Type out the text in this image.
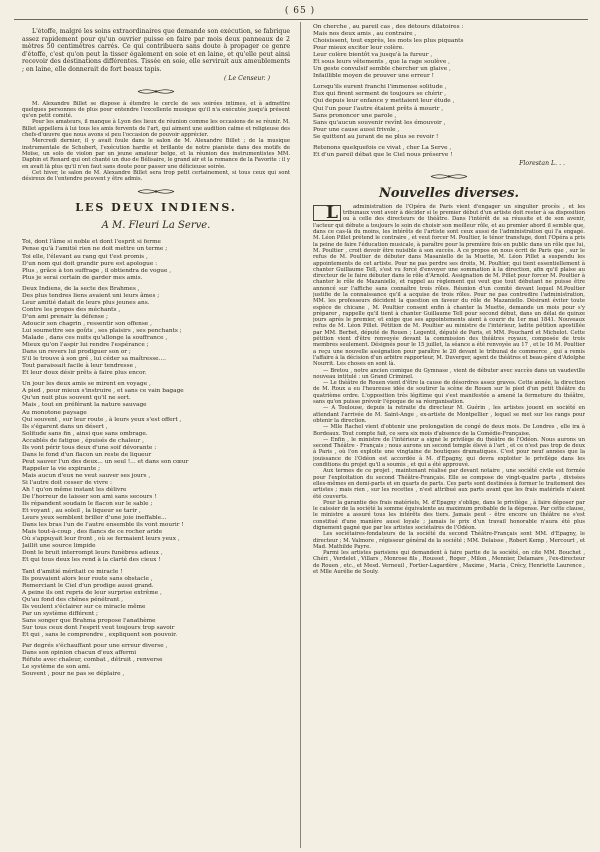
( 65 )

L'étoffe, malgré les soins extraordinaires que demande son exécution, se fabrique assez rapidement pour qu'un ouvrier puisse en faire par mois deux panneaux de 2 mètres 50 centimètres carrés. Ce qui contribuera sans doute à propager ce genre d'étoffe, c'est qu'on peut la tisser également en soie et en laine, et qu'elle peut ainsi recevoir des destinations différentes. Tissée en soie, elle servirait aux ameublements ; en laine, elle donnerait de fort beaux tapis.

( Le Censeur. )

M. Alexandre Billet se dispose à étendre le cercle de ses soirées intimes, et à admettre quelques personnes de plus pour entendre l'excellente musique qu'il n'a exécutée jusqu'à présent qu'en petit comité.

Pour les amateurs, il manque à Lyon des lieux de réunion comme les occasions de se réunir. M. Billet appellera à lui tous les amis fervents de l'art, qui aiment une audition calme et religieuse des chefs-d'œuvre que nous avons si peu l'occasion de pouvoir apprécier.

Mercredi dernier, il y avait foule dans le salon de M. Alexandre Billet ; de la musique instrumentale de Schubert, l'exécution hardie et brillante de notre pianiste dans des motifs de Moïse, un solo de violon par un jeune amateur belge, et la réunion des instrumentistes MM. Daphin et Renard qui ont chanté un duo de Bélisaire, le grand air et la romance de la Favorite : il y en avait là plus qu'il n'en faut sans doute pour passer une délicieuse soirée.

Cet hiver, le salon de M. Alexandre Billet sera trop petit certainement, si tous ceux qui sont désireux de l'entendre peuvent y être admis.

LES DEUX INDIENS.
A M. Fleuri La Serve.
Toi, dont l'âme si noble et dont l'esprit si ferme
Pense qu'à l'amitié rien ne doit mettre un terme ;
Toi elle, l'élevant au rang qui t'est promis ,
D'un nom qui doit grandir pure est apologue :
Plus , grâce à ton suffrage , il obtiendra de vogue ,
Plus je serai certain de garder mes amis.
Deux Indiens, de la secte des Brahmes ,
Des plus tendres liens avaient uni leurs âmes ;
Leur amitié datait de leurs plus jeunes ans.
Contre les propos des méchants ,
D'un ami prenaiт la défense ;
Adoucir son chagrin , ressentir son offense ,
Lui soumettre ses goûts , ses plaisirs , ses penchants ;
Malade , dans ces nuits qu'allonge la souffrance ,
Mieux qu'on l'aspir lui rendre l'espérance ;
Dans un revers lui prodiguer son or ;
S'il le trouve à son gré , lui céder sa maîtresse....
Tout paraissait facile à leur tendresse ,
Et leur doux désir prêts à faire plus encor.
Un jour les deux amis se mirent en voyage ,
A pied , pour mieux s'instruire , et sans ce vain bagage
Qu'un nuit plus souvent qu'il ne sert.
Mais , tout en préférant la nature sauvage
Au monotone paysage
Qui souvent , sur leur route , à leurs yeux s'est offert ,
Ils s'égarent dans un désert ,
Solitude sans fin , ainsi que sans ombrage.
Accablés de fatigue , épuisés de chaleur ,
Ils vont périr tous deux d'une soif dévorante :
Dans le fond d'un flacon un reste de liqueur
Peut sauver l'un des deux... un seul !... et dans son cœur
Rappeler la vie expirante ;
Mais aucun d'eux ne veut sauver ses jours ,
Si l'autre doit cesser de vivre :
Ah ! qu'on même instant les délivre
De l'horreur de laisser son ami sans secours !
Ils répandent soudain le flacon sur le sable ;
Et voyant , au soleil , la liqueur se tarir ,
Leurs yeux semblent briller d'une joie ineffable...
Dans les bras l'un de l'autre ensemble ils vont mourir !
Mais tout-à-coup , des flancs de ce rocher aride
Où s'appuyait leur front , où se fermaient leurs yeux ,
Jaillit une source limpide
Dont le bruit interrompt leurs funèbres adieux ,
Et qui tous deux les rend à la clarté des cieux !
Tant d'amitié méritait ce miracle !
Ils pouvaient alors leur route sans obstacle ,
Remerciant le Ciel d'un prodige aussi grand.
A peine ils ont repris de leur surprise extrême ,
Qu'au fond des chênes pénétrant ,
Ils veulent s'éclairer sur ce miracle même
Par un système différent ;
Sans songer que Brahma propose l'anathème
Sur tous ceux dont l'esprit veut toujours trop savoir
Et qui , sans le comprendre , expliquent son pouvoir.
Par degrés s'échauffant pour une erreur diverse ,
Dans son opinion chacun d'eux affermi
Réfute avec chaleur, combat , détruit , renverse
Le système de son ami.
Souvent , pour ne pas se déplaire ,
On cherche , au pareil cas , des détours dilatoires :
Mais nos deux amis , au contraire ,
Choisissent, tout exprès, les mots les plus piquants
Pour mieux exciter leur colère.
Leur colère bientôt va jusqu'à la fureur ,
Et sous leurs vêtements , que la rage soulève ,
Un geste convulsif semble chercher un glaive ,
Infaillible moyen de prouver une erreur !
Lorsqu'ils eurent franchi l'immense solitude ,
Eux qui firent serment de toujours se chérir ,
Qui depuis leur enfance y mettaient leur étude ,
Qui l'un pour l'autre étaient prêts à mourir ,
Sans prononcer une parole ,
Sans qu'aucun souvenir revînt les émouvoir ,
Pour une cause aussi frivole ,
Se quittent au jurant de ne plus se revoir !
Retenons quelquefois ce vivat , cher La Serve ,
Et d'un pareil débat que le Ciel nous préserve !
Florestan L. . .
Nouvelles diverses.

L	administration de l'Opéra de Paris vient d'engager un singulier procès , et les tribunaux vont avoir à décider si le premier début d'un artiste doit rester à sa disposition ou à celle des directeurs de théâtre. Dans l'intérêt de sa réussite et de son avenir, l'acteur qui débute a toujours le soin de choisir son meilleur rôle, et au premier abord il semble que, dans ce cas-là du moins, les intérêts de l'artiste sont ceux aussi de l'administration qui l'a engagé. M. Léon Pillet prétend le contraire , et veut forcer M. Poultier, le ténor transfuge, dont l'Opéra a pris la peine de faire l'éducation musicale, à paraître pour la première fois en public dans un rôle que lui, M. Poultier , croit devoir être nuisible à son succès. A ce propos on nous écrit de Paris que , sur le refus de M. Poultier de débuter dans Masaniello de la Muette, M. Léon Pillet a suspendu les appointements de cet artiste. Pour ne pas perdre ses droits, M. Poultier, qui tient essentiellement à chanter Guillaume Tell, s'est vu forcé d'envoyer une sommation à la direction, afin qu'il plaise au directeur de le faire débuter dans le rôle d'Arnold. Assignation de M. Pillet pour forcer M. Poultier à chanter le rôle de Mazaniello, et rappel au règlement qui veut que tout débutant ne puisse être annoncé sur l'affiche sans connaître trois rôles. Réunion d'un comité devant lequel M.Poultier justifie de la connaissance qu'il a acquise de trois rôles. Pour ne pas contredire l'administration, MM. les professeurs décident la question en faveur du rôle de Mazaniello. Désirant éviter toute espèce de chicane , M. Poultier consent enfin à chanter la Muette, demande un mois pour s'y préparer , rappelle qu'il tient à chanter Guillaume Tell pour second début, dans un délai de quinze jours après le premier, et exige que ses appointements aient à courir du 1er mai 1841. Nouveaux refus de M. Léon Pillet. Pétition de M. Poultier au ministre de l'intérieur, ladite pétition apostillée par MM. Berbet, député de Rouen ; Legentil, député de Paris, et MM. Pouchard et Michelot. Cette pétition vient d'être renvoyée devant la commission des théâtres royaux, composée de trois membres seulement. Désignés pour le 15 juillet, la séance a été renvoyée au 17 , et le 16 M. Poultier a reçu une nouvelle assignation pour paraître le 20 devant le tribunal de commerce , qui a remis l'affaire à la décision d'un arbitre rapporteur, M. Duverger, agent de théâtres et beau-père d'Adolphe Nourrit. Les choses en sont là.

— Bretou , notre ancien comique du Gymnase , vient de débuter avec succès dans un vaudeville nouveau intitulé : un Grand Criminel.

— Le théâtre de Rouen vient d'être la cause de désordres assez graves. Cette année, la direction de M. Roux a eu l'heureuse idée de soutirer la scène de Rouen sur le pied d'un petit théâtre du quatrième ordre. L'opposition très légitime qui s'est manifestée a amené la fermeture du théâtre, sans qu'on puisse prévoir l'époque de sa réorganisation.

— A Toulouse, depuis la retraite du directeur M. Guérin , les artistes jouent en société en attendant l'arrivée de M. Saint-Ange , ex-artiste de Montpellier , lequel se met sur les rangs pour obtenir la direction.

— Mlle Rachel vient d'obtenir une prolongation de congé de deux mois. De Londres , elle ira à Bordeaux. Tout compte fait, ce sera six mois d'absence de la Comédie-Française.

— Enfin , le ministre de l'intérieur a signé le privilège du théâtre de l'Odéon. Nous aurons un second Théâtre - Français ; nous aurons un second temple élevé à l'art , et ce n'est pas trop de deux à Paris , où l'on exploite une vingtaine de boutiques dramatiques. C'est pour neuf années que la jouissance de l'Odéon est accordée à M. d'Epagny, qui devra exploiter le privilège dans les conditions du projet qu'il a soumis , et qui a été approuvé.

Aux termes de ce projet , maintenant réalisé par devant notaire , une société civile est formée pour l'exploitation du second Théâtre-Français. Elle se compose de vingt-quatre parts , divisées elles-mêmes en demi-parts et en quarts de parts. Ces parts sont destinées à former le traitement des artistes ; mais rien , sur les recettes , n'est attribué aux parts avant que les frais matériels n'aient été couverts.

Pour la garantie des frais matériels, M. d'Epagny s'oblige, dans le privilège , à faire déposer par le caissier de la société la somme équivalente au maximum probable de la dépense. Par cette clause, le ministre a assuré tous les intérêts des tiers. Jamais peut - être encore un théâtre ne s'est constitué d'une manière aussi loyale ; jamais le prix d'un travail honorable n'aura été plus dignement gagné que par les artistes sociétaires de l'Odéon.

Les sociétaires-fondateurs de la société du second Théâtre-Français sont MM. d'Epagny, le directeur ; M. Valmore , régisseur général de la société ; MM. Delaisse , Robert Kemp , Mercourt , et Mad. Mathilde Payre.

Parmi les artistes parisiens qui demandent à faire partie de la société, on cite MM. Bouchet , Chéri , Verdelet , Villars , Monrose fils , Rousset , Roger , Milon , Mennier, Delamare , l'ex-directeur de Rouen , etc., et Mesd. Verneuil , Fortier-Lagardère , Maxime , Maria , Crécy, Henriette Laurence , et Mlle Aurélie de Souly.
